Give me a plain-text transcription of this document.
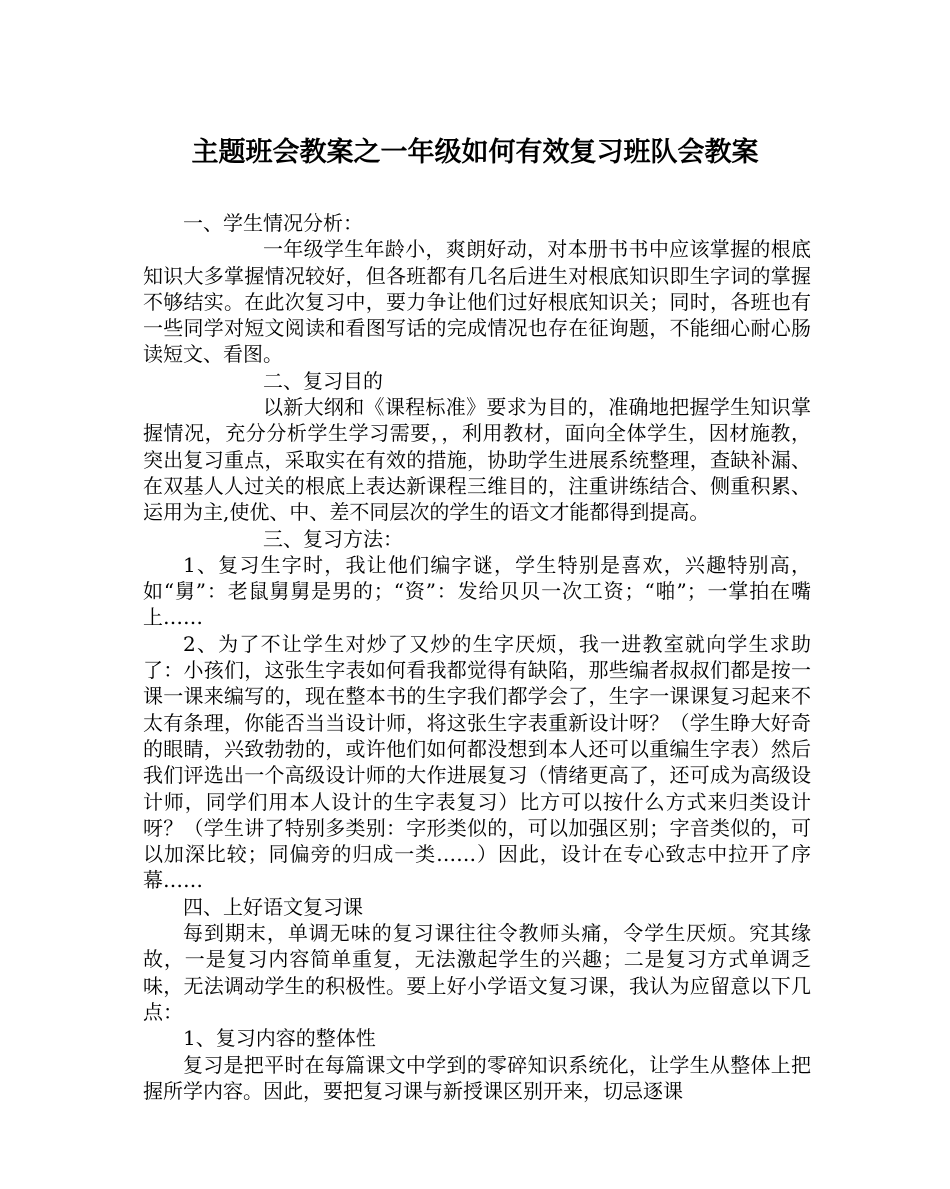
主题班会教案之一年级如何有效复习班队会教案

一、学生情况分析：

一年级学生年龄小，爽朗好动，对本册书书中应该掌握的根底知识大多掌握情况较好，但各班都有几名后进生对根底知识即生字词的掌握不够结实。在此次复习中，要力争让他们过好根底知识关；同时，各班也有一些同学对短文阅读和看图写话的完成情况也存在征询题，不能细心耐心肠读短文、看图。

二、复习目的

以新大纲和《课程标准》要求为目的，准确地把握学生知识掌握情况，充分分析学生学习需要，，利用教材，面向全体学生，因材施教，突出复习重点，采取实在有效的措施，协助学生进展系统整理，查缺补漏、在双基人人过关的根底上表达新课程三维目的，注重讲练结合、侧重积累、运用为主,使优、中、差不同层次的学生的语文才能都得到提高。

三、复习方法：

1、复习生字时，我让他们编字谜，学生特别是喜欢，兴趣特别高，如“舅”：老鼠舅舅是男的；“资”：发给贝贝一次工资；“啪”；一掌拍在嘴上……

2、为了不让学生对炒了又炒的生字厌烦，我一进教室就向学生求助了：小孩们，这张生字表如何看我都觉得有缺陷，那些编者叔叔们都是按一课一课来编写的，现在整本书的生字我们都学会了，生字一课课复习起来不太有条理，你能否当当设计师，将这张生字表重新设计呀？（学生睁大好奇的眼睛，兴致勃勃的，或许他们如何都没想到本人还可以重编生字表）然后我们评选出一个高级设计师的大作进展复习（情绪更高了，还可成为高级设计师，同学们用本人设计的生字表复习）比方可以按什么方式来归类设计呀？（学生讲了特别多类别：字形类似的，可以加强区别；字音类似的，可以加深比较；同偏旁的归成一类……）因此，设计在专心致志中拉开了序幕……

四、上好语文复习课

每到期末，单调无味的复习课往往令教师头痛，令学生厌烦。究其缘故，一是复习内容简单重复，无法激起学生的兴趣；二是复习方式单调乏味，无法调动学生的积极性。要上好小学语文复习课，我认为应留意以下几点：

1、复习内容的整体性

复习是把平时在每篇课文中学到的零碎知识系统化，让学生从整体上把握所学内容。因此，要把复习课与新授课区别开来，切忌逐课
